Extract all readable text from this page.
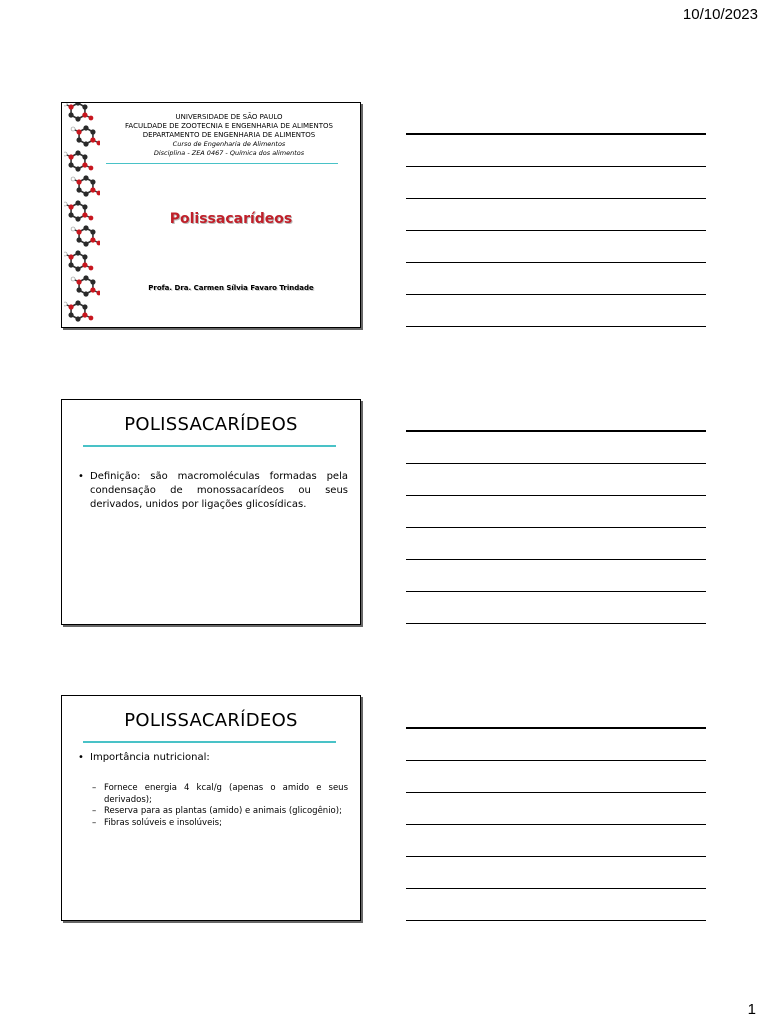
10/10/2023
UNIVERSIDADE DE SÃO PAULO
FACULDADE DE ZOOTECNIA E ENGENHARIA DE ALIMENTOS
DEPARTAMENTO DE ENGENHARIA DE ALIMENTOS
Curso de Engenharia de Alimentos
Disciplina - ZEA 0467 - Química dos alimentos
Polissacarídeos
Profa. Dra. Carmen Sílvia Favaro Trindade
POLISSACARÍDEOS
• Definição: são macromoléculas formadas pela condensação de monossacarídeos ou seus derivados, unidos por ligações glicosídicas.
POLISSACARÍDEOS
• Importância nutricional:
– Fornece energia 4 kcal/g (apenas o amido e seus derivados);
– Reserva para as plantas (amido) e animais (glicogênio);
– Fibras solúveis e insolúveis;
1
